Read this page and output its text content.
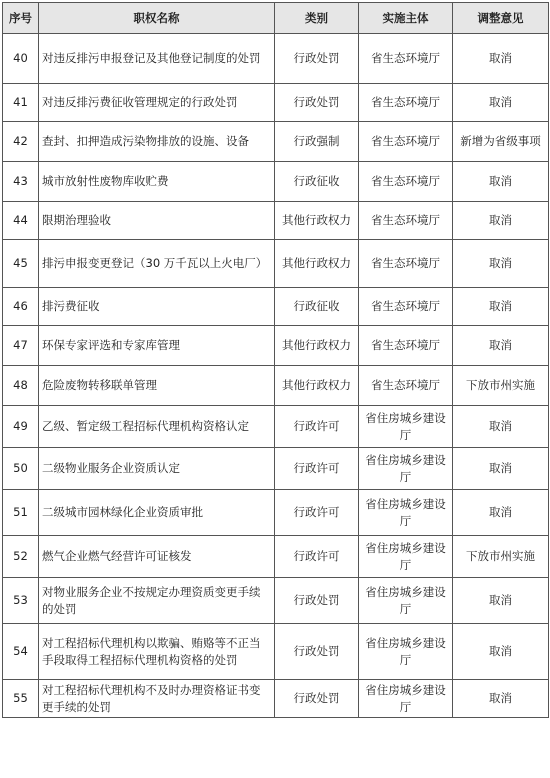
序号	职权名称	类别	实施主体	调整意见
40	对违反排污申报登记及其他登记制度的处罚	行政处罚	省生态环境厅	取消
41	对违反排污费征收管理规定的行政处罚	行政处罚	省生态环境厅	取消
42	查封、扣押造成污染物排放的设施、设备	行政强制	省生态环境厅	新增为省级事项
43	城市放射性废物库收贮费	行政征收	省生态环境厅	取消
44	限期治理验收	其他行政权力	省生态环境厅	取消
45	排污申报变更登记（30 万千瓦以上火电厂）	其他行政权力	省生态环境厅	取消
46	排污费征收	行政征收	省生态环境厅	取消
47	环保专家评选和专家库管理	其他行政权力	省生态环境厅	取消
48	危险废物转移联单管理	其他行政权力	省生态环境厅	下放市州实施
49	乙级、暂定级工程招标代理机构资格认定	行政许可	省住房城乡建设厅	取消
50	二级物业服务企业资质认定	行政许可	省住房城乡建设厅	取消
51	二级城市园林绿化企业资质审批	行政许可	省住房城乡建设厅	取消
52	燃气企业燃气经营许可证核发	行政许可	省住房城乡建设厅	下放市州实施
53	对物业服务企业不按规定办理资质变更手续的处罚	行政处罚	省住房城乡建设厅	取消
54	对工程招标代理机构以欺骗、贿赂等不正当手段取得工程招标代理机构资格的处罚	行政处罚	省住房城乡建设厅	取消
55	对工程招标代理机构不及时办理资格证书变更手续的处罚	行政处罚	省住房城乡建设厅	取消
